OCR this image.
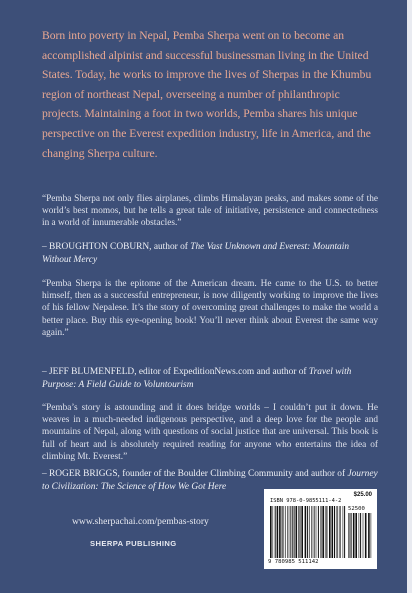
Born into poverty in Nepal, Pemba Sherpa went on to become an accomplished alpinist and successful businessman living in the United States. Today, he works to improve the lives of Sherpas in the Khumbu region of northeast Nepal, overseeing a number of philanthropic projects. Maintaining a foot in two worlds, Pemba shares his unique perspective on the Everest expedition industry, life in America, and the changing Sherpa culture.

“Pemba Sherpa not only flies airplanes, climbs Himalayan peaks, and makes some of the world’s best momos, but he tells a great tale of initiative, persistence and connectedness in a world of innumerable obstacles.”

– BROUGHTON COBURN, author of The Vast Unknown and Everest: Mountain Without Mercy

“Pemba Sherpa is the epitome of the American dream. He came to the U.S. to better himself, then as a successful entrepreneur, is now diligently working to improve the lives of his fellow Nepalese. It’s the story of overcoming great challenges to make the world a better place. Buy this eye-opening book! You’ll never think about Everest the same way again.”

– JEFF BLUMENFELD, editor of ExpeditionNews.com and author of Travel with Purpose: A Field Guide to Voluntourism

“Pemba’s story is astounding and it does bridge worlds – I couldn’t put it down. He weaves in a much-needed indigenous perspective, and a deep love for the people and mountains of Nepal, along with questions of social justice that are universal. This book is full of heart and is absolutely required reading for anyone who entertains the idea of climbing Mt. Everest.”

– ROGER BRIGGS, founder of the Boulder Climbing Community and author of Journey to Civilization: The Science of How We Got Here

www.sherpachai.com/pembas-story
SHERPA PUBLISHING
$25.00
ISBN 978-0-9855111-4-2
52500
9 780985 511142
